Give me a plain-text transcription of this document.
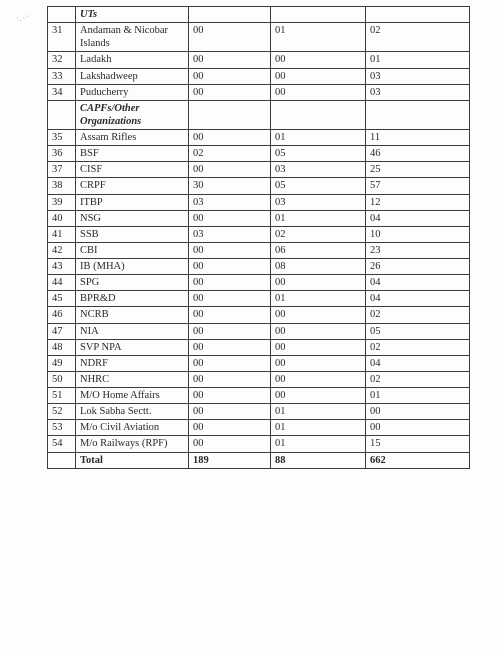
·.·'
		UTs			
31	Andaman & Nicobar Islands	00	01	02
32	Ladakh	00	00	01
33	Lakshadweep	00	00	03
34	Puducherry	00	00	03
	CAPFs/Other Organizations			
35	Assam Rifles	00	01	11
36	BSF	02	05	46
37	CISF	00	03	25
38	CRPF	30	05	57
39	ITBP	03	03	12
40	NSG	00	01	04
41	SSB	03	02	10
42	CBI	00	06	23
43	IB (MHA)	00	08	26
44	SPG	00	00	04
45	BPR&D	00	01	04
46	NCRB	00	00	02
47	NIA	00	00	05
48	SVP NPA	00	00	02
49	NDRF	00	00	04
50	NHRC	00	00	02
51	M/O Home Affairs	00	00	01
52	Lok Sabha Sectt.	00	01	00
53	M/o Civil Aviation	00	01	00
54	M/o Railways (RPF)	00	01	15
	Total	189	88	662
